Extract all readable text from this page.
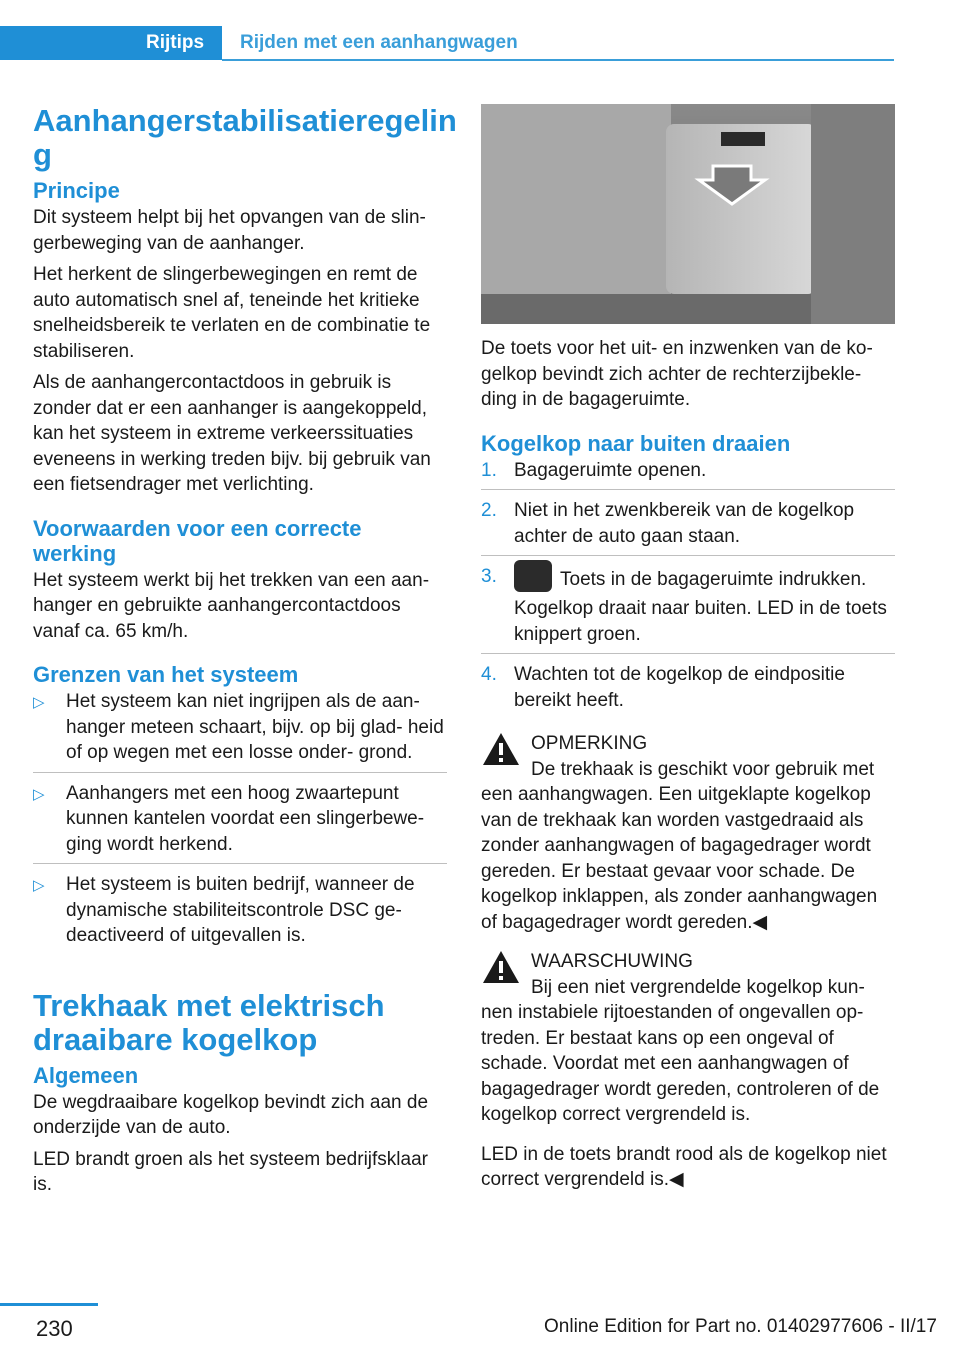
Rijtips Rijden met een aanhangwagen
Aanhangerstabilisatieregelin g
Principe

Dit systeem helpt bij het opvangen van de slin‐ gerbeweging van de aanhanger.

Het herkent de slingerbewegingen en remt de auto automatisch snel af, teneinde het kritieke snelheidsbereik te verlaten en de combinatie te stabiliseren.

Als de aanhangercontactdoos in gebruik is zonder dat er een aanhanger is aangekoppeld, kan het systeem in extreme verkeerssituaties eveneens in werking treden bijv. bij gebruik van een fietsendrager met verlichting.

Voorwaarden voor een correcte werking

Het systeem werkt bij het trekken van een aan‐ hanger en gebruikte aanhangercontactdoos vanaf ca. 65 km/h.

Grenzen van het systeem
▷ Het systeem kan niet ingrijpen als de aan‐ hanger meteen schaart, bijv. op bij glad‐ heid of op wegen met een losse onder‐ grond.
▷ Aanhangers met een hoog zwaartepunt kunnen kantelen voordat een slingerbewe‐ ging wordt herkend.
▷ Het systeem is buiten bedrijf, wanneer de dynamische stabiliteitscontrole DSC ge‐ deactiveerd of uitgevallen is.
Trekhaak met elektrisch draaibare kogelkop
Algemeen

De wegdraaibare kogelkop bevindt zich aan de onderzijde van de auto.

LED brandt groen als het systeem bedrijfsklaar is.

De toets voor het uit- en inzwenken van de ko‐ gelkop bevindt zich achter de rechterzijbekle‐ ding in de bagageruimte.

Kogelkop naar buiten draaien
1. Bagageruimte openen.
2. Niet in het zwenkbereik van de kogelkop achter de auto gaan staan.
3.	Toets in de bagageruimte indrukken.
Kogelkop draait naar buiten. LED in de toets knippert groen.
4. Wachten tot de kogelkop de eindpositie bereikt heeft.
OPMERKING

De trekhaak is geschikt voor gebruik met

een aanhangwagen. Een uitgeklapte kogelkop van de trekhaak kan worden vastgedraaid als zonder aanhangwagen of bagagedrager wordt gereden. Er bestaat gevaar voor schade. De kogelkop inklappen, als zonder aanhangwagen of bagagedrager wordt gereden.◀

WAARSCHUWING

Bij een niet vergrendelde kogelkop kun‐

nen instabiele rijtoestanden of ongevallen op‐ treden. Er bestaat kans op een ongeval of schade. Voordat met een aanhangwagen of bagagedrager wordt gereden, controleren of de kogelkop correct vergrendeld is.

LED in de toets brandt rood als de kogelkop niet correct vergrendeld is.◀

230	Online Edition for Part no. 01402977606 - II/17
